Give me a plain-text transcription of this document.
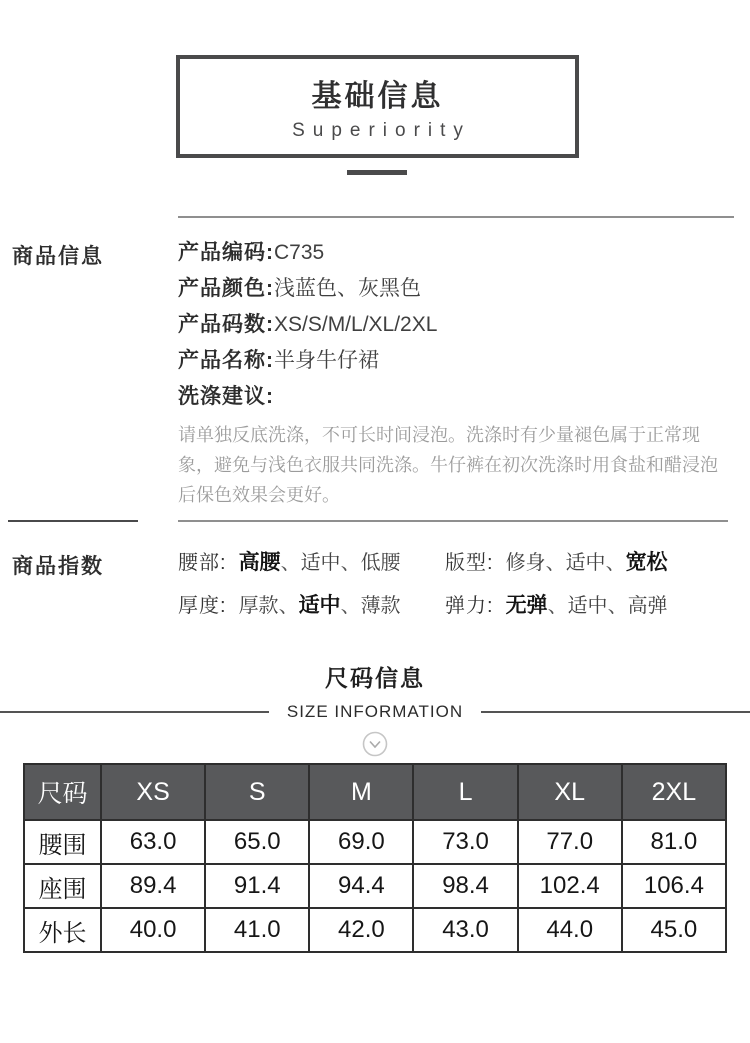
基础信息
Superiority
商品信息	产品编码:C735
产品颜色:浅蓝色、灰黑色
产品码数:XS/S/M/L/XL/2XL
产品名称:半身牛仔裙
洗涤建议:

请单独反底洗涤，不可长时间浸泡。洗涤时有少量褪色属于正常现象，避免与浅色衣服共同洗涤。牛仔裤在初次洗涤时用食盐和醋浸泡后保色效果会更好。

商品指数	腰部: 高腰、适中、低腰	版型: 修身、适中、宽松
厚度: 厚款、适中、薄款	弹力: 无弹、适中、高弹
尺码信息
SIZE INFORMATION
尺码	XS	S	M	L	XL	2XL
腰围	63.0	65.0	69.0	73.0	77.0	81.0
座围	89.4	91.4	94.4	98.4	102.4	106.4
外长	40.0	41.0	42.0	43.0	44.0	45.0
